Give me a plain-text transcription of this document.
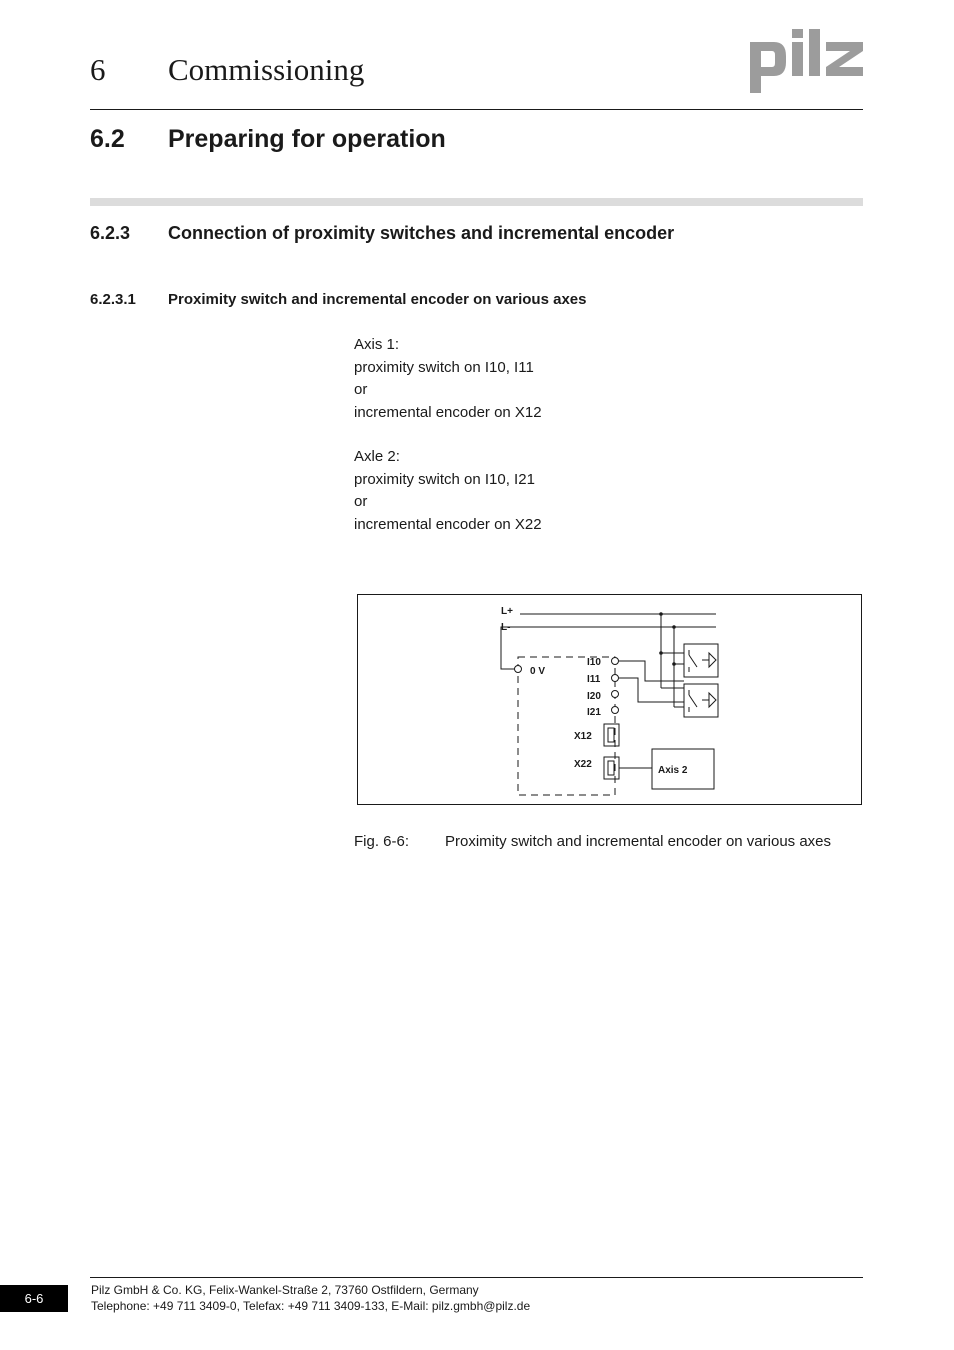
6 Commissioning
6.2 Preparing for operation
6.2.3 Connection of proximity switches and incremental encoder
6.2.3.1 Proximity switch and incremental encoder on various axes
Axis 1:
proximity switch on I10, I11
or
incremental encoder on X12
Axle 2:
proximity switch on I10, I21
or
incremental encoder on X22
L+
L-
0 V
I10
I11
I20
I21
X12
X22
Axis 2
Fig. 6-6: Proximity switch and incremental encoder on various axes
6-6
Pilz GmbH & Co. KG, Felix-Wankel-Straße 2, 73760 Ostfildern, Germany
Telephone: +49 711 3409-0, Telefax: +49 711 3409-133, E-Mail: pilz.gmbh@pilz.de
